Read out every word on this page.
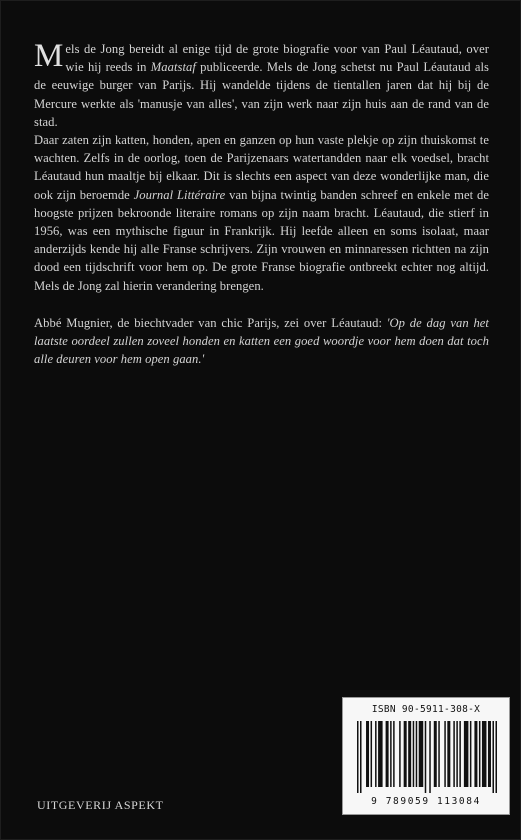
Mels de Jong bereidt al enige tijd de grote biografie voor van Paul Léautaud, over wie hij reeds in Maatstaf publiceerde. Mels de Jong schetst nu Paul Léautaud als de eeuwige burger van Parijs. Hij wandelde tijdens de tientallen jaren dat hij bij de Mercure werkte als 'manusje van alles', van zijn werk naar zijn huis aan de rand van de stad.

Daar zaten zijn katten, honden, apen en ganzen op hun vaste plekje op zijn thuiskomst te wachten. Zelfs in de oorlog, toen de Parijzenaars watertandden naar elk voedsel, bracht Léautaud hun maaltje bij elkaar. Dit is slechts een aspect van deze wonderlijke man, die ook zijn beroemde Journal Littéraire van bijna twintig banden schreef en enkele met de hoogste prijzen bekroonde literaire romans op zijn naam bracht. Léautaud, die stierf in 1956, was een mythische figuur in Frankrijk. Hij leefde alleen en soms isolaat, maar anderzijds kende hij alle Franse schrijvers. Zijn vrouwen en minnaressen richtten na zijn dood een tijdschrift voor hem op. De grote Franse biografie ontbreekt echter nog altijd. Mels de Jong zal hierin verandering brengen.

Abbé Mugnier, de biechtvader van chic Parijs, zei over Léautaud: 'Op de dag van het laatste oordeel zullen zoveel honden en katten een goed woordje voor hem doen dat toch alle deuren voor hem open gaan.'

ISBN 90-5911-308-X
9 789059 113084
UITGEVERIJ ASPEKT
